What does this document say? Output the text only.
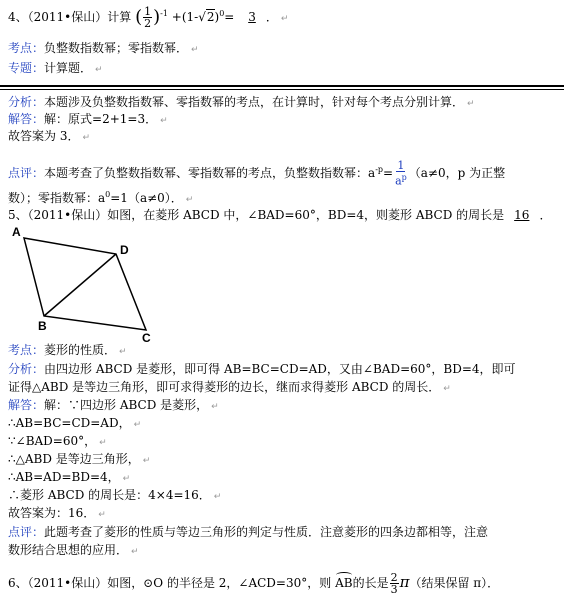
4、（2011•保山）计算 ( $\frac{1}{2} )^{-1} +(1-√2)^0= 3$ ． ↵
考点：负整数指数幂；零指数幂． ↵
专题：计算题． ↵
分析：本题涉及负整数指数幂、零指数幂的考点，在计算时，针对每个考点分别计算． ↵
解答：解：原式=2+1=3． ↵
故答案为 3． ↵
点评：本题考查了负整数指数幂、零指数幂的考点，负整数指数幂：$a^{-p}= \frac{1}{a^p} (a\ne 0$，p 为正整
数）；零指数幂：$a^0=1(a\ne 0)$． ↵
5、（2011•保山）如图，在菱形 ABCD 中，∠BAD=60°，BD=4，则菱形 ABCD 的周长是 16 ．
A
D
B
C
考点：菱形的性质． ↵
分析：由四边形 ABCD 是菱形，即可得 AB=BC=CD=AD，又由∠BAD=60°，BD=4，即可
证得△ABD 是等边三角形，即可求得菱形的边长，继而求得菱形 ABCD 的周长． ↵
解答：解：∵四边形 ABCD 是菱形， ↵
∴AB=BC=CD=AD， ↵
∵∠BAD=60°， ↵
∴△ABD 是等边三角形， ↵
∴AB=AD=BD=4， ↵
∴菱形 ABCD 的周长是：4×4=16． ↵
故答案为：16． ↵
点评：此题考查了菱形的性质与等边三角形的判定与性质．注意菱形的四条边都相等，注意
数形结合思想的应用． ↵
6、（2011•保山）如图，⊙O 的半径是 2，∠ACD=30°，则 AB的长是 $\frac{2}{3} \pi$（结果保留 π）．
